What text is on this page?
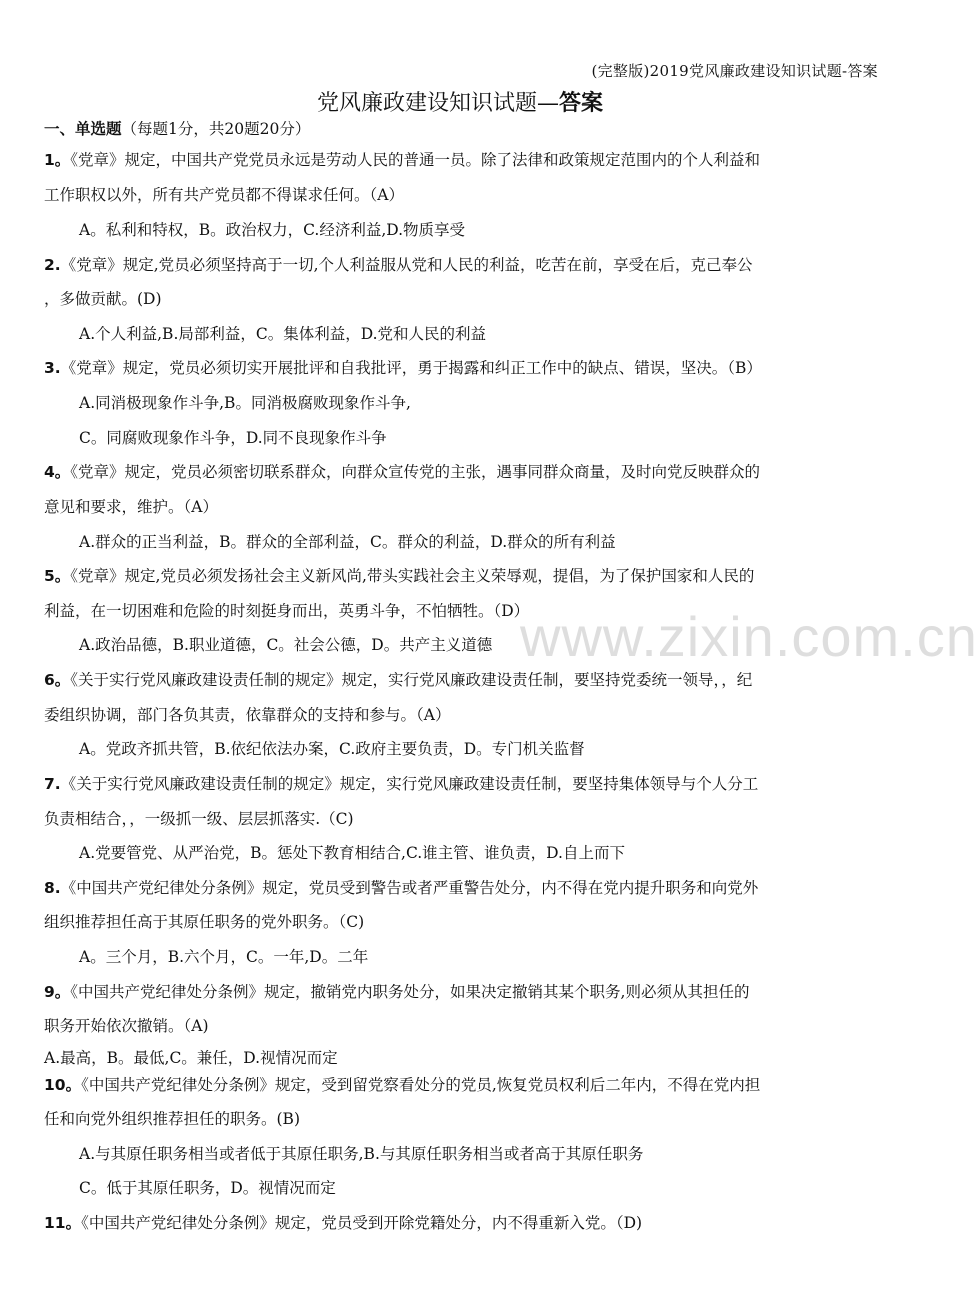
(完整版)2019党风廉政建设知识试题-答案
党风廉政建设知识试题—答案
一、单选题（每题1分，共20题20分）
1。《党章》规定，中国共产党党员永远是劳动人民的普通一员。除了法律和政策规定范围内的个人利益和
工作职权以外，所有共产党员都不得谋求任何。（A）
A。私利和特权，B。政治权力，C.经济利益,D.物质享受
2.《党章》规定,党员必须坚持高于一切,个人利益服从党和人民的利益，吃苦在前，享受在后，克己奉公
，多做贡献。(D)
A.个人利益,B.局部利益，C。集体利益，D.党和人民的利益
3.《党章》规定，党员必须切实开展批评和自我批评，勇于揭露和纠正工作中的缺点、错误，坚决。（B）
A.同消极现象作斗争,B。同消极腐败现象作斗争,
C。同腐败现象作斗争，D.同不良现象作斗争
4。《党章》规定，党员必须密切联系群众，向群众宣传党的主张，遇事同群众商量，及时向党反映群众的
意见和要求，维护。（A）
A.群众的正当利益，B。群众的全部利益，C。群众的利益，D.群众的所有利益
5。《党章》规定,党员必须发扬社会主义新风尚,带头实践社会主义荣辱观，提倡，为了保护国家和人民的
利益，在一切困难和危险的时刻挺身而出，英勇斗争，不怕牺牲。（D）
A.政治品德，B.职业道德，C。社会公德，D。共产主义道德
6。《关于实行党风廉政建设责任制的规定》规定，实行党风廉政建设责任制，要坚持党委统一领导，，纪
委组织协调，部门各负其责，依靠群众的支持和参与。（A）
A。党政齐抓共管，B.依纪依法办案，C.政府主要负责，D。专门机关监督
7.《关于实行党风廉政建设责任制的规定》规定，实行党风廉政建设责任制，要坚持集体领导与个人分工
负责相结合，，一级抓一级、层层抓落实.（C)
A.党要管党、从严治党，B。惩处下教育相结合,C.谁主管、谁负责，D.自上而下
8.《中国共产党纪律处分条例》规定，党员受到警告或者严重警告处分，内不得在党内提升职务和向党外
组织推荐担任高于其原任职务的党外职务。（C)
A。三个月，B.六个月，C。一年,D。二年
9。《中国共产党纪律处分条例》规定，撤销党内职务处分，如果决定撤销其某个职务,则必须从其担任的
职务开始依次撤销。（A)
A.最高，B。最低,C。兼任，D.视情况而定
10。《中国共产党纪律处分条例》规定，受到留党察看处分的党员,恢复党员权利后二年内，不得在党内担
任和向党外组织推荐担任的职务。(B)
A.与其原任职务相当或者低于其原任职务,B.与其原任职务相当或者高于其原任职务
C。低于其原任职务，D。视情况而定
11。《中国共产党纪律处分条例》规定，党员受到开除党籍处分，内不得重新入党。（D)
www.zixin.com.cn
